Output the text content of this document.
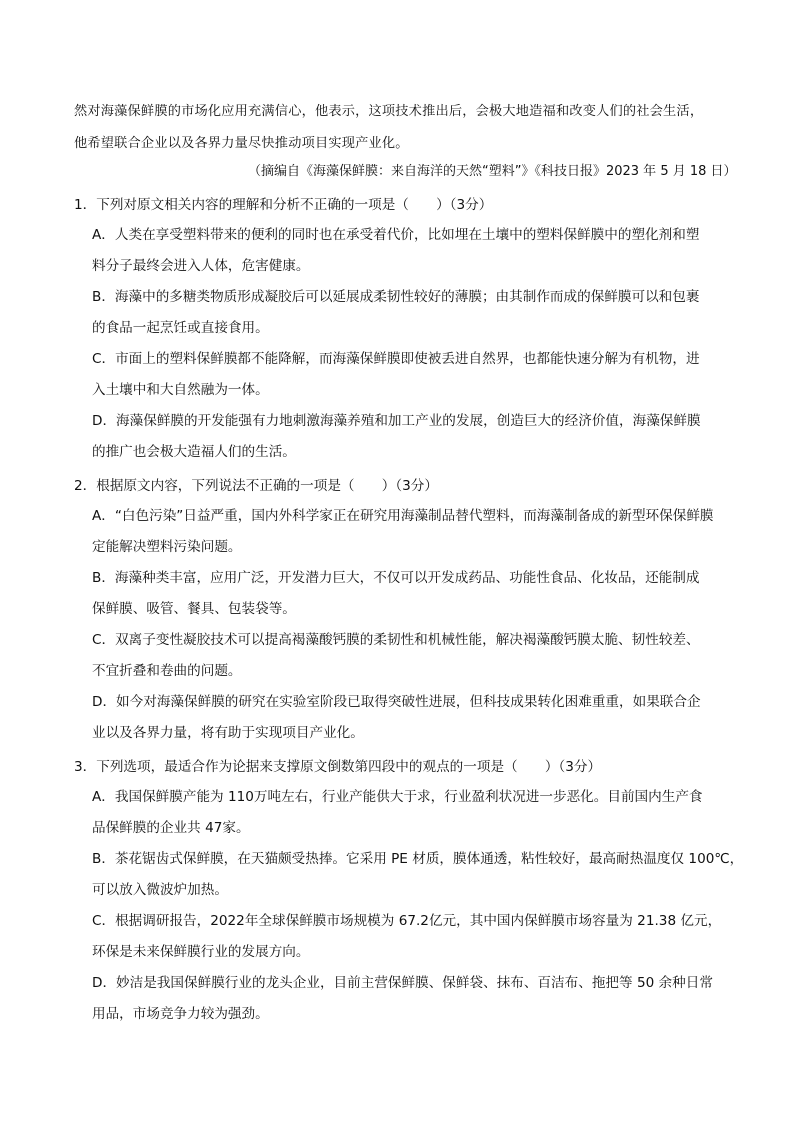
然对海藻保鲜膜的市场化应用充满信心，他表示，这项技术推出后，会极大地造福和改变人们的社会生活，
他希望联合企业以及各界力量尽快推动项目实现产业化。
（摘编自《海藻保鲜膜：来自海洋的天然“塑料”》《科技日报》2023 年 5 月 18 日）
1．下列对原文相关内容的理解和分析不正确的一项是（　　）（3分）
A．人类在享受塑料带来的便利的同时也在承受着代价，比如埋在土壤中的塑料保鲜膜中的塑化剂和塑
料分子最终会进入人体，危害健康。
B．海藻中的多糖类物质形成凝胶后可以延展成柔韧性较好的薄膜；由其制作而成的保鲜膜可以和包裹
的食品一起烹饪或直接食用。
C．市面上的塑料保鲜膜都不能降解，而海藻保鲜膜即使被丢进自然界，也都能快速分解为有机物，进
入土壤中和大自然融为一体。
D．海藻保鲜膜的开发能强有力地刺激海藻养殖和加工产业的发展，创造巨大的经济价值，海藻保鲜膜
的推广也会极大造福人们的生活。
2．根据原文内容，下列说法不正确的一项是（　　）（3分）
A．“白色污染”日益严重，国内外科学家正在研究用海藻制品替代塑料，而海藻制备成的新型环保保鲜膜
定能解决塑料污染问题。
B．海藻种类丰富，应用广泛，开发潜力巨大，不仅可以开发成药品、功能性食品、化妆品，还能制成
保鲜膜、吸管、餐具、包装袋等。
C．双离子变性凝胶技术可以提高褐藻酸钙膜的柔韧性和机械性能，解决褐藻酸钙膜太脆、韧性较差、
不宜折叠和卷曲的问题。
D．如今对海藻保鲜膜的研究在实验室阶段已取得突破性进展，但科技成果转化困难重重，如果联合企
业以及各界力量，将有助于实现项目产业化。
3．下列选项，最适合作为论据来支撑原文倒数第四段中的观点的一项是（　　）（3分）
A．我国保鲜膜产能为 110万吨左右，行业产能供大于求，行业盈利状况进一步恶化。目前国内生产食
品保鲜膜的企业共 47家。
B．茶花锯齿式保鲜膜，在天猫颇受热捧。它采用 PE 材质，膜体通透，粘性较好，最高耐热温度仅 100℃，
可以放入微波炉加热。
C．根据调研报告，2022年全球保鲜膜市场规模为 67.2亿元，其中国内保鲜膜市场容量为 21.38 亿元，
环保是未来保鲜膜行业的发展方向。
D．妙洁是我国保鲜膜行业的龙头企业，目前主营保鲜膜、保鲜袋、抹布、百洁布、拖把等 50 余种日常
用品，市场竞争力较为强劲。
